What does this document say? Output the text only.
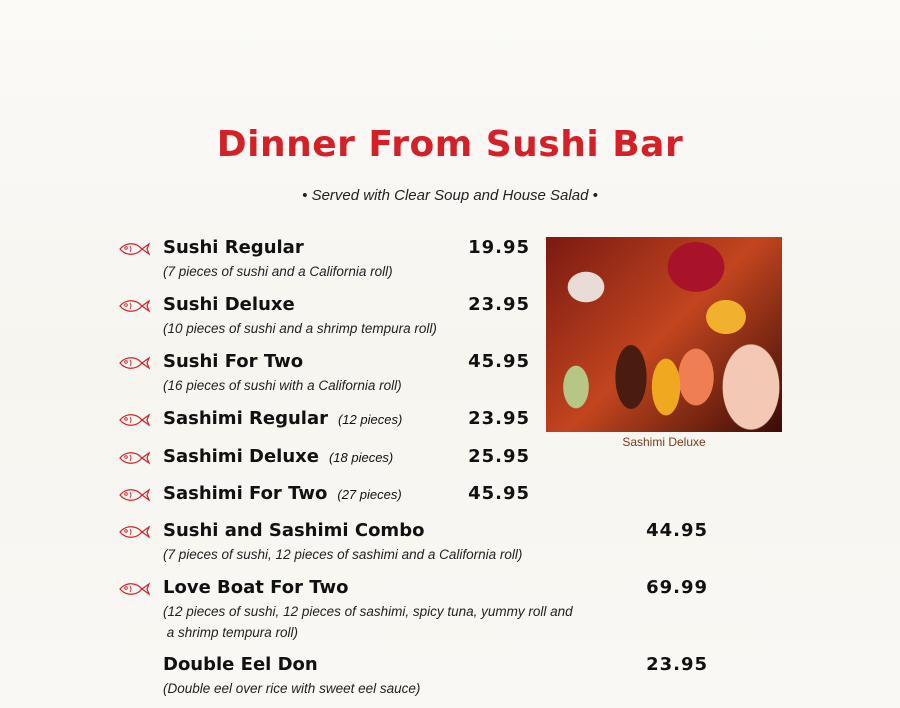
Dinner From Sushi Bar
• Served with Clear Soup and House Salad •
Sashimi Deluxe
Sushi Regular
(7 pieces of sushi and a California roll)
19.95
Sushi Deluxe
(10 pieces of sushi and a shrimp tempura roll)
23.95
Sushi For Two
(16 pieces of sushi with a California roll)
45.95
Sashimi Regular (12 pieces)	23.95
Sashimi Deluxe (18 pieces)	25.95
Sashimi For Two (27 pieces)	45.95
Sushi and Sashimi Combo
(7 pieces of sushi, 12 pieces of sashimi and a California roll)
44.95
Love Boat For Two
(12 pieces of sushi, 12 pieces of sashimi, spicy tuna, yummy roll and
a shrimp tempura roll)
69.99
Double Eel Don
(Double eel over rice with sweet eel sauce)
23.95
